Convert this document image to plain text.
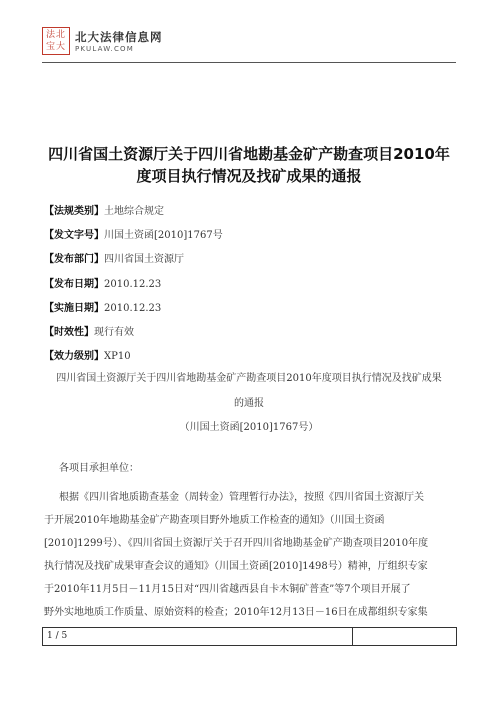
法北宝大
北大法律信息网
PKULAW.COM
四川省国土资源厅关于四川省地勘基金矿产勘查项目2010年
度项目执行情况及找矿成果的通报
【法规类别】土地综合规定
【发文字号】川国土资函[2010]1767号
【发布部门】四川省国土资源厅
【发布日期】2010.12.23
【实施日期】2010.12.23
【时效性】现行有效
【效力级别】XP10
四川省国土资源厅关于四川省地勘基金矿产勘查项目2010年度项目执行情况及找矿成果
的通报
（川国土资函[2010]1767号）
各项目承担单位：
根据《四川省地质勘查基金（周转金）管理暂行办法》，按照《四川省国土资源厅关
于开展2010年地勘基金矿产勘查项目野外地质工作检查的通知》（川国土资函
[2010]1299号）、《四川省国土资源厅关于召开四川省地勘基金矿产勘查项目2010年度
执行情况及找矿成果审查会议的通知》（川国土资函[2010]1498号）精神，厅组织专家
于2010年11月5日－11月15日对“四川省越西县自卡木铜矿普查”等7个项目开展了
野外实地地质工作质量、原始资料的检查；2010年12月13日－16日在成都组织专家集
1 / 5
